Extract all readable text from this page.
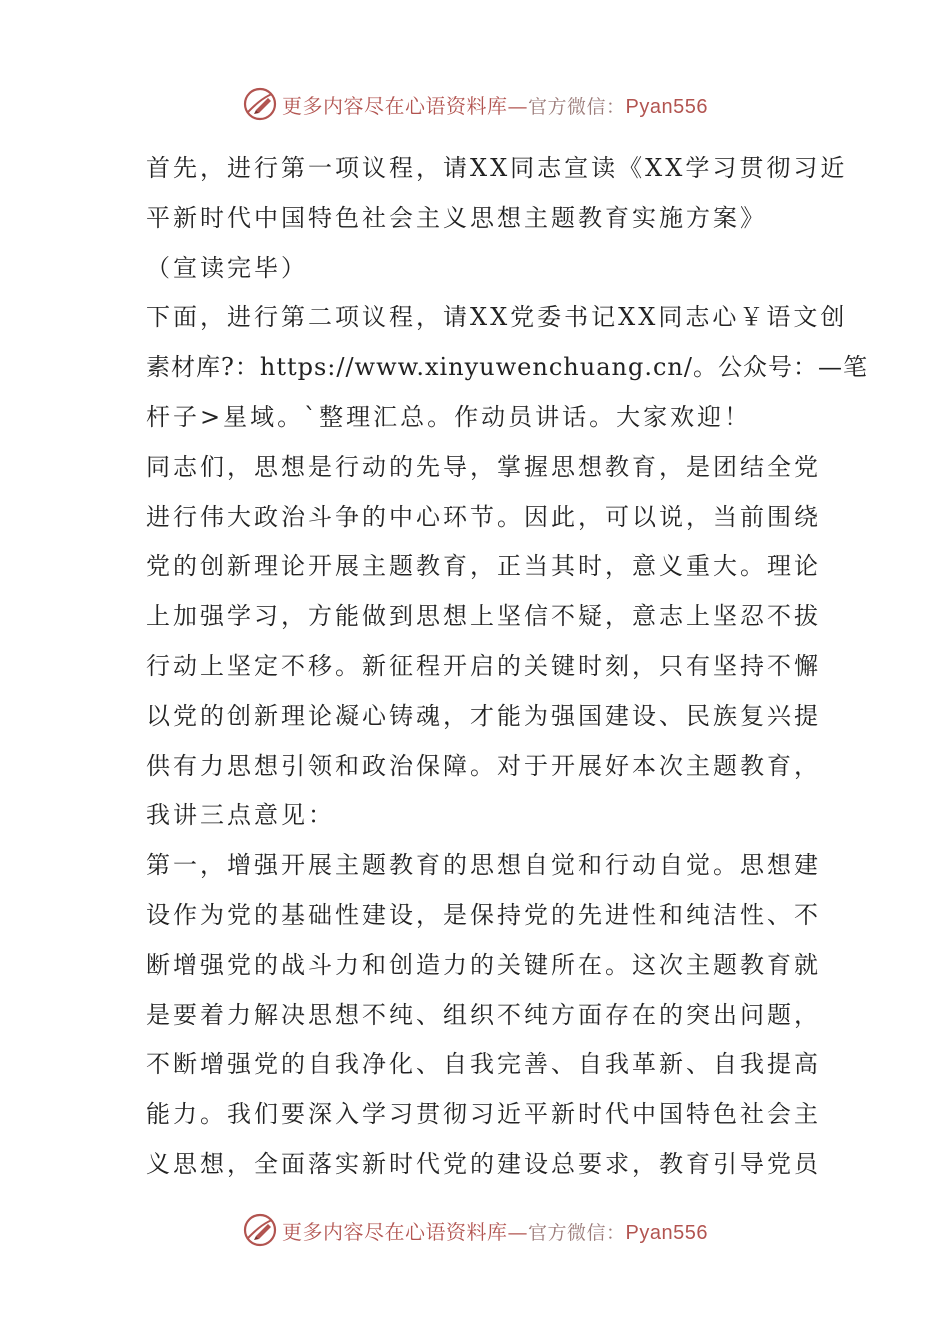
更多内容尽在心语资料库—官方微信：Pyan556
首先，进行第一项议程，请XX同志宣读《XX学习贯彻习近
平新时代中国特色社会主义思想主题教育实施方案》
（宣读完毕）
下面，进行第二项议程，请XX党委书记XX同志心￥语文创
素材库?：https://www.xinyuwenchuang.cn/。公众号：—笔
杆子>星域。`整理汇总。作动员讲话。大家欢迎！
同志们，思想是行动的先导，掌握思想教育，是团结全党
进行伟大政治斗争的中心环节。因此，可以说，当前围绕
党的创新理论开展主题教育，正当其时，意义重大。理论
上加强学习，方能做到思想上坚信不疑，意志上坚忍不拔
行动上坚定不移。新征程开启的关键时刻，只有坚持不懈
以党的创新理论凝心铸魂，才能为强国建设、民族复兴提
供有力思想引领和政治保障。对于开展好本次主题教育，
我讲三点意见：
第一，增强开展主题教育的思想自觉和行动自觉。思想建
设作为党的基础性建设，是保持党的先进性和纯洁性、不
断增强党的战斗力和创造力的关键所在。这次主题教育就
是要着力解决思想不纯、组织不纯方面存在的突出问题，
不断增强党的自我净化、自我完善、自我革新、自我提高
能力。我们要深入学习贯彻习近平新时代中国特色社会主
义思想，全面落实新时代党的建设总要求，教育引导党员
更多内容尽在心语资料库—官方微信：Pyan556
